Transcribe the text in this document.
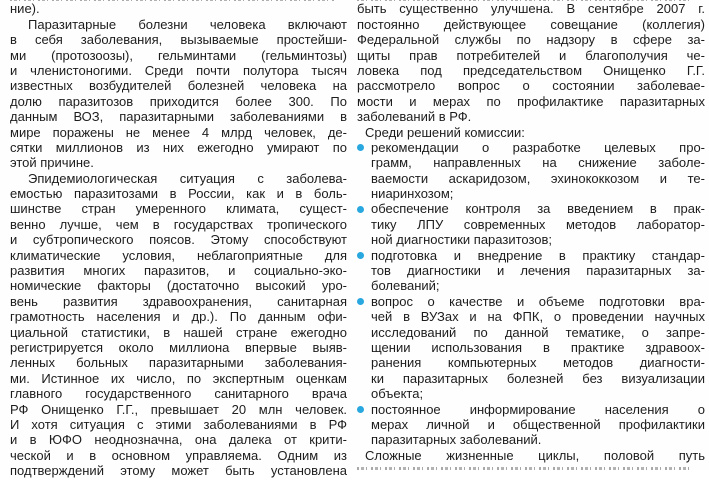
ние).
Паразитарные болезни человека включают
в себя заболевания, вызываемые простейши-
ми (протозоозы), гельминтами (гельминтозы)
и членистоногими. Среди почти полутора тысяч
известных возбудителей болезней человека на
долю паразитозов приходится более 300. По
данным ВОЗ, паразитарными заболеваниями в
мире поражены не менее 4 млрд человек, де-
сятки миллионов из них ежегодно умирают по
этой причине.
Эпидемиологическая ситуация с заболева-
емостью паразитозами в России, как и в боль-
шинстве стран умеренного климата, сущест-
венно лучше, чем в государствах тропического
и субтропического поясов. Этому способствуют
климатические условия, неблагоприятные для
развития многих паразитов, и социально-эко-
номические факторы (достаточно высокий уро-
вень развития здравоохранения, санитарная
грамотность населения и др.). По данным офи-
циальной статистики, в нашей стране ежегодно
регистрируется около миллиона впервые выяв-
ленных больных паразитарными заболевания-
ми. Истинное их число, по экспертным оценкам
главного государственного санитарного врача
РФ Онищенко Г.Г., превышает 20 млн человек.
И хотя ситуация с этими заболеваниями в РФ
и в ЮФО неоднозначна, она далека от крити-
ческой и в основном управляема. Одним из
подтверждений этому может быть установлена
быть существенно улучшена. В сентябре 2007 г.
постоянно действующее совещание (коллегия)
Федеральной службы по надзору в сфере за-
щиты прав потребителей и благополучия че-
ловека под председательством Онищенко Г.Г.
рассмотрело вопрос о состоянии заболевае-
мости и мерах по профилактике паразитарных
заболеваний в РФ.
Среди решений комиссии:
рекомендации о разработке целевых про-
грамм, направленных на снижение заболе-
ваемости аскаридозом, эхинококкозом и те-
ниаринхозом;
обеспечение контроля за введением в прак-
тику ЛПУ современных методов лаборатор-
ной диагностики паразитозов;
подготовка и внедрение в практику стандар-
тов диагностики и лечения паразитарных за-
болеваний;
вопрос о качестве и объеме подготовки вра-
чей в ВУЗах и на ФПК, о проведении научных
исследований по данной тематике, о запре-
щении использования в практике здравоох-
ранения компьютерных методов диагности-
ки паразитарных болезней без визуализации
объекта;
постоянное информирование населения о
мерах личной и общественной профилактики
паразитарных заболеваний.
Сложные жизненные циклы, половой путь
